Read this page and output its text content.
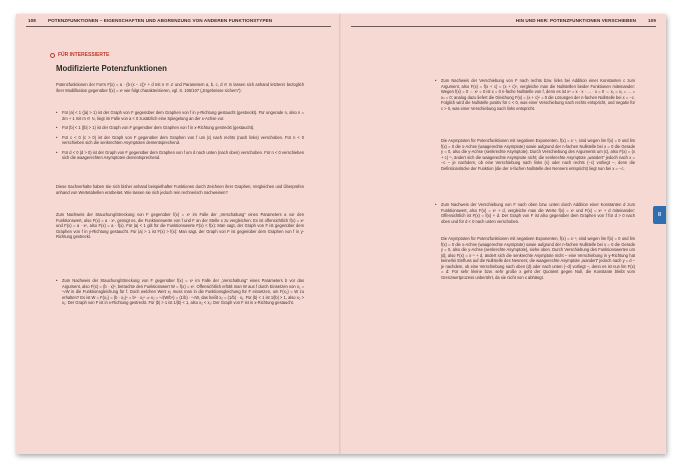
108	POTENZFUNKTIONEN – EIGENSCHAFTEN UND ABGRENZUNG VON ANDEREN FUNKTIONSTYPEN
FÜR INTERESSIERTE
Modifizierte Potenzfunktionen
Potenzfunktionen der Form F(x) = a · (b·(x − c))ⁿ + d mit n ∈ ℤ und Parametern a, b, c, d ∈ ℝ lassen sich anhand letzterer bezüglich ihrer Modifikation gegenüber f(x) = xⁿ wie folgt charakterisieren, vgl. S. 106/107 („Ergebnisse sichern“):
• Für |a| < 1 (|a| > 1) ist der Graph von F gegenüber dem Graphen von f in y-Richtung gestaucht (gestreckt). Für ungerade n, also n = 2m + 1 mit m ∈ ℕ, liegt im Falle von a < 0 zusätzlich eine Spiegelung an der x-Achse vor.
• Für |b| < 1 (|b| > 1) ist der Graph von F gegenüber dem Graphen von f in x-Richtung gestreckt (gestaucht).
• Für c < 0 (c > 0) ist der Graph von F gegenüber dem Graphen von f um |c| nach rechts (nach links) verschoben. Für n < 0 verschieben sich die senkrechten Asymptoten dementsprechend.
• Für d < 0 (d > 0) ist der Graph von F gegenüber dem Graphen von f um d nach unten (nach oben) verschoben. Für n < 0 verschieben sich die waagerechten Asymptoten dementsprechend.
Diese Sachverhalte haben Sie sich bisher anhand beispielhafter Funktionen durch Zeichnen ihrer Graphen, Vergleichen und Überprüfen anhand von Wertetabellen erarbeitet. Wie lassen sie sich jedoch rein rechnerisch nachweisen?
Zum Nachweis der Stauchung/Streckung von F gegenüber f(x) = xⁿ im Falle der „Verschaltung“ eines Parameters a vor den Funktionswert, also F(x) = a · xⁿ, genügt es, die Funktionswerte von f und F an der Stelle x zu vergleichen: Es ist offensichtlich f(x) = xⁿ und F(x) = a · xⁿ, also F(x) = a · f(x). Für |a| < 1 gilt für die Funktionswerte F(x) < f(x): Man sagt, der Graph von F ist gegenüber dem Graphen von f in y-Richtung gestaucht. Für |a| > 1 ist F(x) > f(x): Man sagt, der Graph von F ist gegenüber dem Graphen von f in y-Richtung gestreckt.
• Zum Nachweis der Stauchung/Streckung von F gegenüber f(x) = xⁿ im Falle der „Verschaltung“ eines Parameters b vor das Argument, also F(x) = (b · x)ⁿ, betrachte den Funktionswert W = f(x) = xⁿ. Offensichtlich erhält man W aus f durch Einsetzen von x₁ = ⁿ√W in die Funktionsgleichung für f. Doch welchen Wert x₂ muss man in die Funktionsgleichung für F einsetzen, um F(x₂) = W zu erhalten? Es ist W = F(x₂) = (b · x₂)ⁿ = bⁿ · x₂ⁿ ⇒ x₂ = ⁿ√(W/bⁿ) = (1/b) · ⁿ√W, das heißt x₂ = (1/b) · x₁. Für |b| < 1 ist 1/|b| > 1, also x₂ > x₁: Der Graph von F ist in x-Richtung gestreckt. Für |b| > 1 ist 1/|b| < 1, also x₂ < x₁: Der Graph von F ist in x-Richtung gestaucht.
HIN UND HER: POTENZFUNKTIONEN VERSCHIEBEN	109
• Zum Nachweis der Verschiebung von F nach rechts bzw. links bei Addition einer Konstanten c zum Argument, also F(x) = f(x + c) = (x + c)ⁿ, vergleiche man die Nullstellen beider Funktionen miteinander: Wegen f(x) = 0 ⇔ xⁿ = 0 ist x = 0 n-fache Nullstelle von f, denn es ist xⁿ = x · x · … · x = 0 ⇔ x₁ = x₂ = … = xₙ = 0; analog dazu liefert die Gleichung F(x) = (x + c)ⁿ = 0 die Lösungen der n-fachen Nullstelle bei x = −c. Folglich wird die Nullstelle positiv für c < 0, was einer Verschiebung nach rechts entspricht, und negativ für c > 0, was einer Verschiebung nach links entspricht.
Die Asymptoten für Potenzfunktionen mit negativen Exponenten, f(x) = x⁻ⁿ, sind wegen lim f(x) = 0 und lim f(x) = 0 die x-Achse (waagerechte Asymptote) sowie aufgrund der n-fachen Nullstelle bei x = 0 die Gerade y = 0, also die y-Achse (senkrechte Asymptote). Durch Verschiebung des Arguments um |c|, also F(x) = (x + c)⁻ⁿ, ändert sich die waagerechte Asymptote nicht; die senkrechte Asymptote „wandert“ jedoch nach x = −c – je nachdem, ob eine Verschiebung nach links (c) oder nach rechts (−c) vorliegt –, denn die Definitionslücke der Funktion (die der n-fachen Nullstelle des Nenners entspricht) liegt nun bei x = −c.
• Zum Nachweis der Verschiebung von F nach oben bzw. unten durch Addition einer Konstanten d zum Funktionswert, also F(x) = xⁿ + d, vergleiche man die Werte f(x) = xⁿ und F(x) = xⁿ + d miteinander: Offensichtlich ist F(x) = f(x) + d. Der Graph von F ist also gegenüber dem Graphen von f für d > 0 nach oben und für d < 0 nach unten verschoben.
Die Asymptoten für Potenzfunktionen mit negativen Exponenten, f(x) = x⁻ⁿ, sind wegen lim f(x) = 0 und lim f(x) = 0 die x-Achse (waagerechte Asymptote) sowie aufgrund der n-fachen Nullstelle bei x = 0 die Gerade y = 0, also die y-Achse (senkrechte Asymptote), siehe oben. Durch Verschiebung des Funktionswertes um |d|, also F(x) = x⁻ⁿ + d, ändert sich die senkrechte Asymptote nicht – eine Verschiebung in y-Richtung hat keinerlei Einfluss auf die Nullstelle des Nenners; die waagerechte Asymptote „wandert“ jedoch nach y = d – je nachdem, ob eine Verschiebung nach oben (d) oder nach unten (−d) vorliegt –, denn es ist nun lim F(x) = d: Für sehr kleine bzw. sehr große x geht der Quotient gegen Null, die Konstante bleibt vom Grenzwertprozess unberührt, da sie nicht von x abhängt.
II
